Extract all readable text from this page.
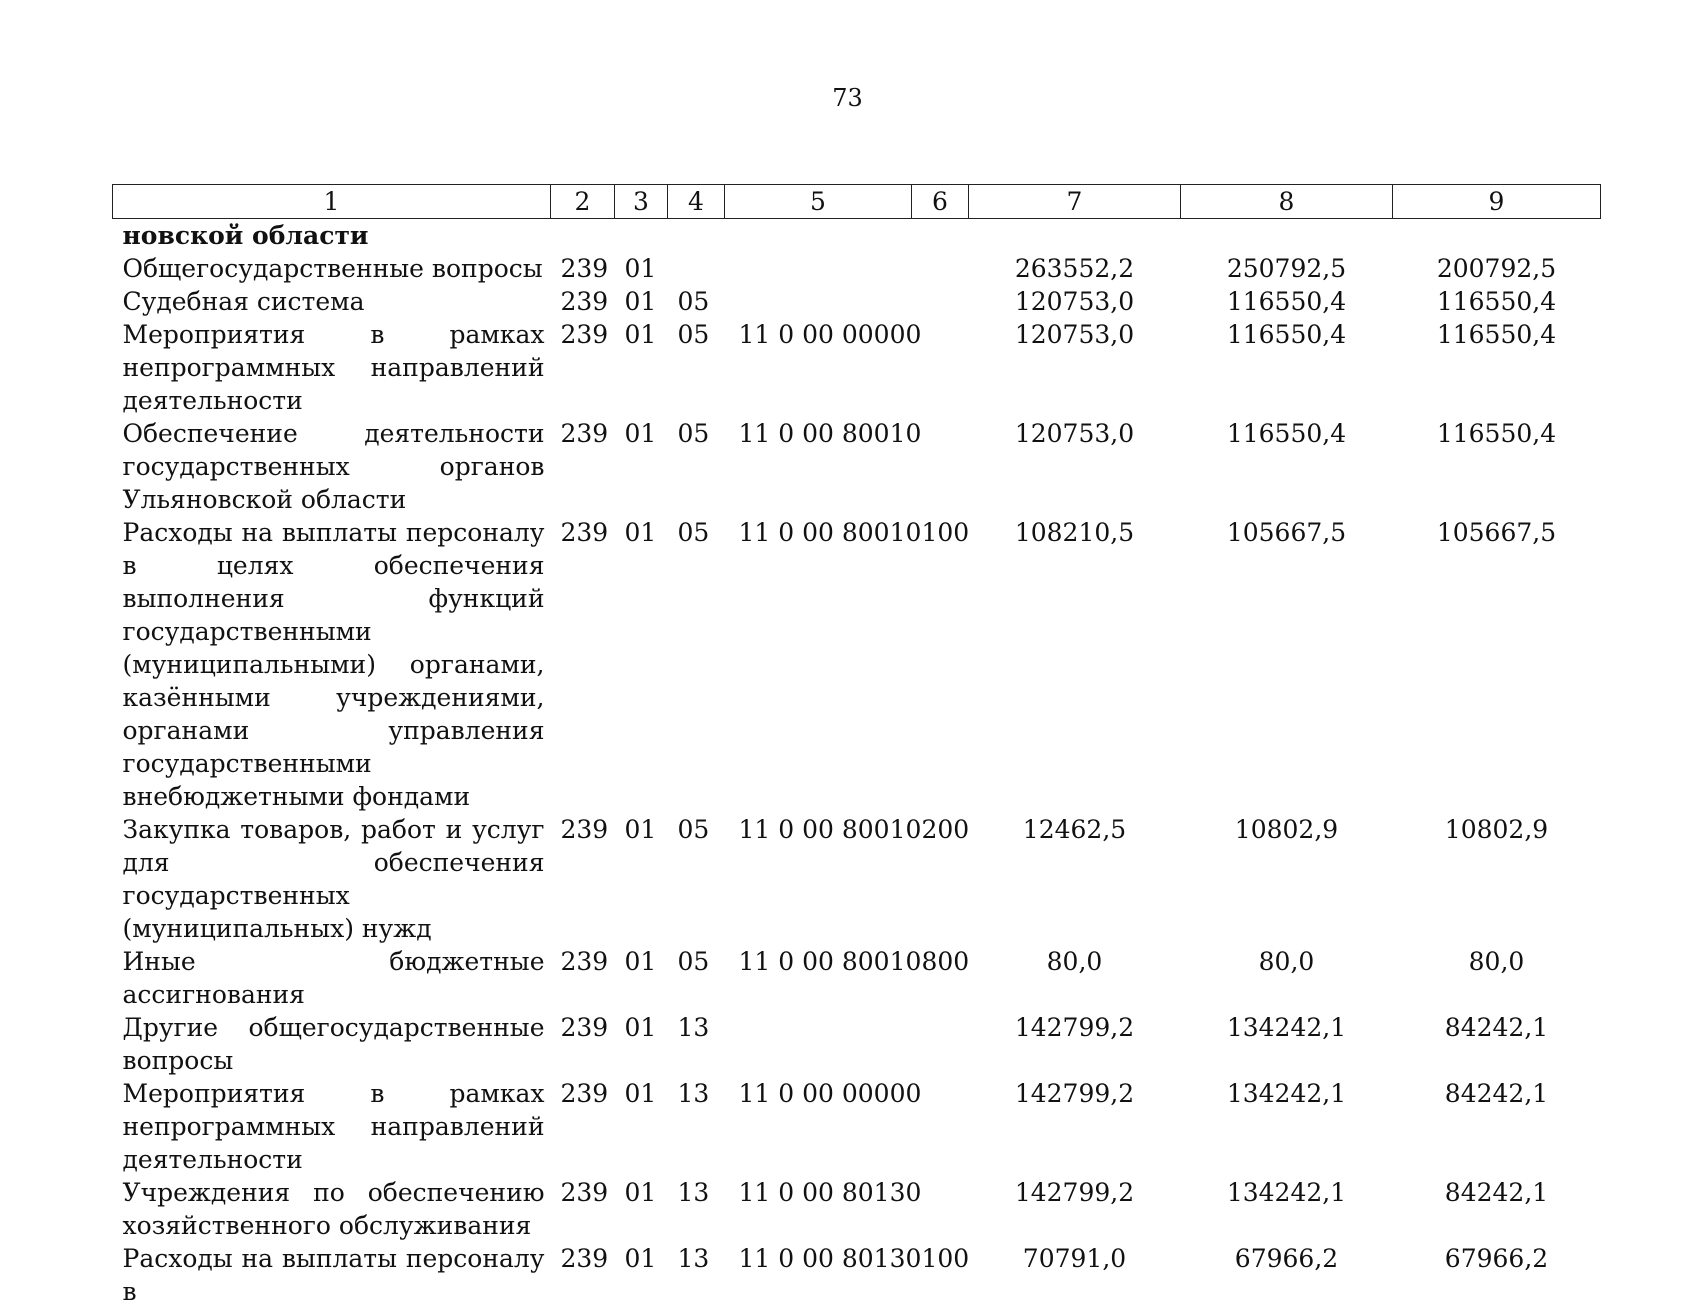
73
1	2	3	4	5	6	7	8	9
новской области								
Общегосударственные вопросы	239	01				263552,2	250792,5	200792,5
Судебная система	239	01	05			120753,0	116550,4	116550,4
Мероприятия в рамках непрограммных направлений деятельности	239	01	05	11 0 00 00000		120753,0	116550,4	116550,4
Обеспечение деятельности государственных органов Ульяновской области	239	01	05	11 0 00 80010		120753,0	116550,4	116550,4
Расходы на выплаты персоналу в целях обеспечения выполнения функций государственными (муниципальными) органами, казёнными учреждениями, органами управления государственными внебюджетными фондами	239	01	05	11 0 00 80010	100	108210,5	105667,5	105667,5
Закупка товаров, работ и услуг для обеспечения государственных (муниципальных) нужд	239	01	05	11 0 00 80010	200	12462,5	10802,9	10802,9
Иные бюджетные ассигнования	239	01	05	11 0 00 80010	800	80,0	80,0	80,0
Другие общегосударственные вопросы	239	01	13			142799,2	134242,1	84242,1
Мероприятия в рамках непрограммных направлений деятельности	239	01	13	11 0 00 00000		142799,2	134242,1	84242,1
Учреждения по обеспечению хозяйственного обслуживания	239	01	13	11 0 00 80130		142799,2	134242,1	84242,1
Расходы на выплаты персоналу в	239	01	13	11 0 00 80130	100	70791,0	67966,2	67966,2
